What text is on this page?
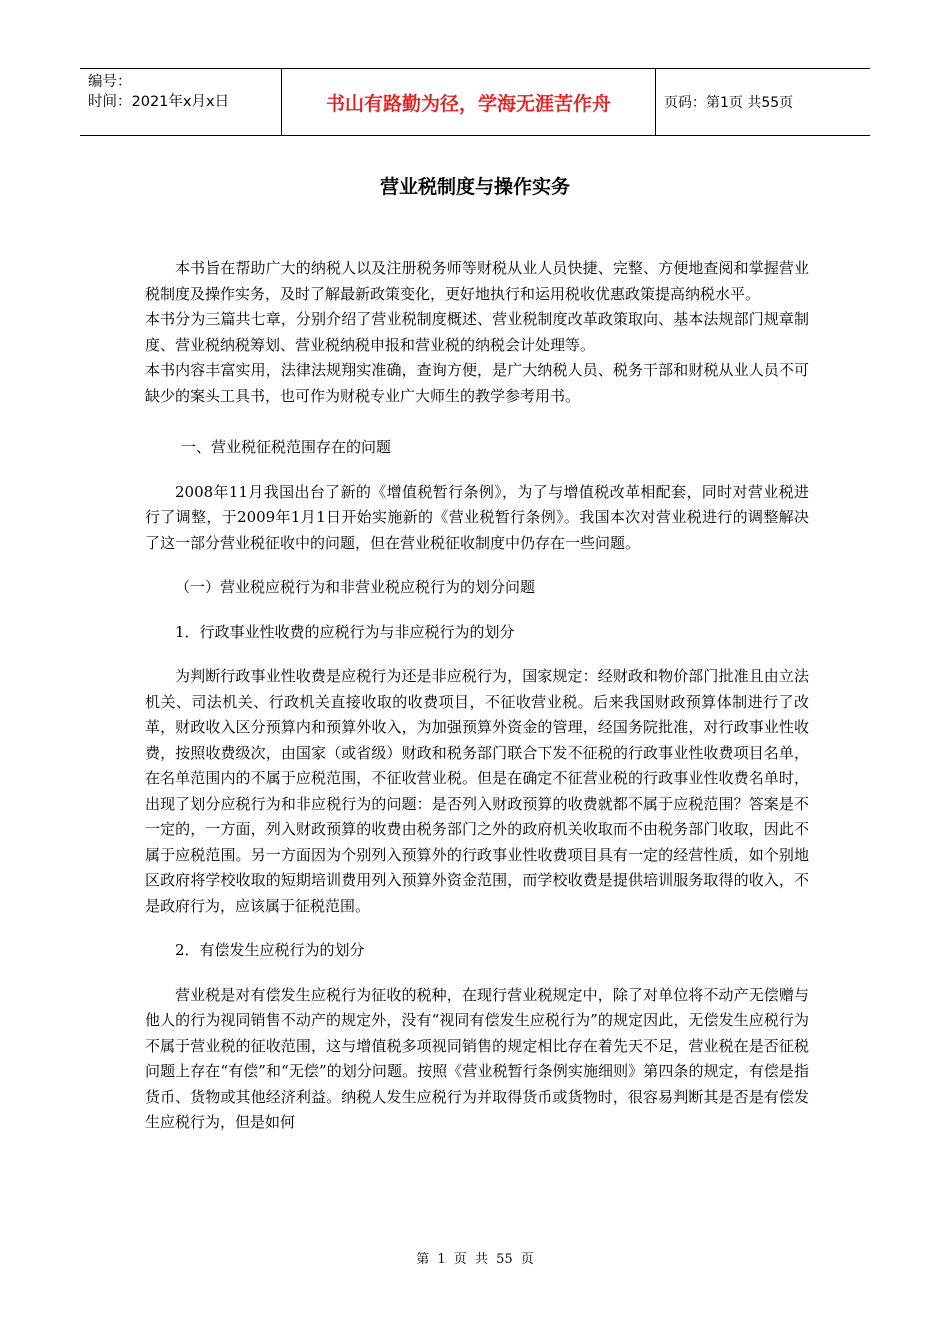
编号：
时间：2021年x月x日	书山有路勤为径，学海无涯苦作舟	页码：第1页 共55页
营业税制度与操作实务

本书旨在帮助广大的纳税人以及注册税务师等财税从业人员快捷、完整、方便地查阅和掌握营业税制度及操作实务，及时了解最新政策变化，更好地执行和运用税收优惠政策提高纳税水平。

本书分为三篇共七章，分别介绍了营业税制度概述、营业税制度改革政策取向、基本法规部门规章制度、营业税纳税筹划、营业税纳税申报和营业税的纳税会计处理等。

本书内容丰富实用，法律法规翔实准确，查询方便，是广大纳税人员、税务干部和财税从业人员不可缺少的案头工具书，也可作为财税专业广大师生的教学参考用书。

一、营业税征税范围存在的问题

2008年11月我国出台了新的《增值税暂行条例》，为了与增值税改革相配套，同时对营业税进行了调整，于2009年1月1日开始实施新的《营业税暂行条例》。我国本次对营业税进行的调整解决了这一部分营业税征收中的问题，但在营业税征收制度中仍存在一些问题。

（一）营业税应税行为和非营业税应税行为的划分问题

1．行政事业性收费的应税行为与非应税行为的划分

为判断行政事业性收费是应税行为还是非应税行为，国家规定：经财政和物价部门批准且由立法机关、司法机关、行政机关直接收取的收费项目，不征收营业税。后来我国财政预算体制进行了改革，财政收入区分预算内和预算外收入，为加强预算外资金的管理，经国务院批准，对行政事业性收费，按照收费级次，由国家（或省级）财政和税务部门联合下发不征税的行政事业性收费项目名单，在名单范围内的不属于应税范围，不征收营业税。但是在确定不征营业税的行政事业性收费名单时，出现了划分应税行为和非应税行为的问题：是否列入财政预算的收费就都不属于应税范围？答案是不一定的，一方面，列入财政预算的收费由税务部门之外的政府机关收取而不由税务部门收取，因此不属于应税范围。另一方面因为个别列入预算外的行政事业性收费项目具有一定的经营性质，如个别地区政府将学校收取的短期培训费用列入预算外资金范围，而学校收费是提供培训服务取得的收入，不是政府行为，应该属于征税范围。

2．有偿发生应税行为的划分

营业税是对有偿发生应税行为征收的税种，在现行营业税规定中，除了对单位将不动产无偿赠与他人的行为视同销售不动产的规定外，没有“视同有偿发生应税行为”的规定因此，无偿发生应税行为不属于营业税的征收范围，这与增值税多项视同销售的规定相比存在着先天不足，营业税在是否征税问题上存在“有偿”和“无偿”的划分问题。按照《营业税暂行条例实施细则》第四条的规定，有偿是指货币、货物或其他经济利益。纳税人发生应税行为并取得货币或货物时，很容易判断其是否是有偿发生应税行为，但是如何

第 1 页 共 55 页
